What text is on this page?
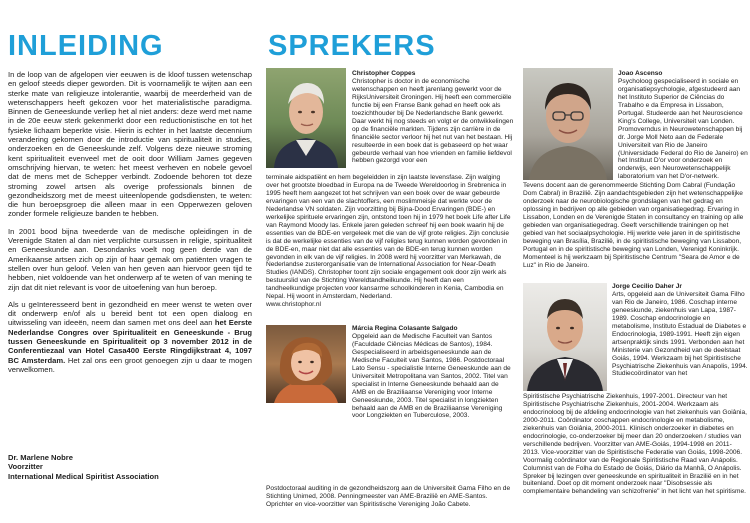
INLEIDING	SPREKERS

In de loop van de afgelopen vier eeuwen is de kloof tussen wetenschap en geloof steeds dieper geworden. Dit is voornamelijk te wijten aan een sterke mate van religieuze intolerantie, waarbij de meerderheid van de wetenschappers heeft gekozen voor het materialistische paradigma. Binnen de Geneeskunde verliep het al niet anders: deze werd met name in de 20e eeuw sterk gekenmerkt door een reductionistische en tot het fysieke lichaam beperkte visie. Hierin is echter in het laatste decennium verandering gekomen door de introductie van spiritualiteit in studies, onderzoeken en de Geneeskunde zelf. Volgens deze nieuwe stroming kent spiritualiteit evenveel met de ooit door William James gegeven omschrijving hiervan, te weten: het meest verheven en nobele gevoel dat de mens met de Schepper verbindt. Zodoende behoren tot deze stroming zowel artsen als overige professionals binnen de gezondheidszorg met de meest uiteenlopende godsdiensten, te weten: die hun beroepsgroep die alleen maar in een Opperwezen geloven zonder formele religieuze banden te hebben.

In 2001 bood bijna tweederde van de medische opleidingen in de Verenigde Staten al dan niet verplichte cursussen in religie, spiritualiteit en Geneeskunde aan. Desondanks voelt nog geen derde van de Amerikaanse artsen zich op zijn of haar gemak om patiënten vragen te stellen over hun geloof. Velen van hen geven aan hiervoor geen tijd te hebben, niet voldoende van het onderwerp af te weten of van mening te zijn dat dit niet relevant is voor de uitoefening van hun beroep.

Als u geïnteresseerd bent in gezondheid en meer wenst te weten over dit onderwerp en/of als u bereid bent tot een open dialoog en uitwisseling van ideeën, neem dan samen met ons deel aan het Eerste Nederlandse Congres over Spiritualiteit en Geneeskunde - Brug tussen Geneeskunde en Spiritualiteit op 3 november 2012 in de Conferentiezaal van Hotel Casa400 Eerste Ringdijkstraat 4, 1097 BC Amsterdam. Het zal ons een groot genoegen zijn u daar te mogen verwelkomen.

Dr. Marlene Nobre
Voorzitter
International Medical Spiritist Association
Christopher Coppes

Christopher is doctor in de economische wetenschappen en heeft jarenlang gewerkt voor de RijksUniversiteit Groningen. Hij heeft een commerciële functie bij een Franse Bank gehad en heeft ook als toezichthouder bij De Nederlandsche Bank gewerkt. Daar werkt hij nog steeds en volgt er de ontwikkelingen op de financiële markten. Tijdens zijn carrière in de financiële sector verloor hij het nut van het bestaan. Hij resulteerde in een boek dat is gebaseerd op het waar gebeurde verhaal van hoe vrienden en familie liefdevol hebben gezorgd voor een

terminale aidspatiënt en hem begeleidden in zijn laatste levensfase. Zijn walging over het grootste bloedbad in Europa na de Tweede Wereldoorlog in Srebrenica in 1995 heeft hem aangezet tot het schrijven van een boek over de waar gebeurde ervaringen van een van de slachtoffers, een moslimmeisje dat werkte voor de Nederlandse VN soldaten. Zijn voorzitting bij Bijna-Dood Ervaringen (BDE-) en werkelijke spirituele ervaringen zijn, ontstond toen hij in 1979 het boek Life after Life van Raymond Moody las. Enkele jaren geleden schreef hij een boek waarin hij de essenties van de BDE-en vergeleek met die van de vijf grote religies. Zijn conclusie is dat de werkelijke essenties van de vijf religies terug kunnen worden gevonden in de BDE-en, maar niet dat alle essenties van de BDE-en terug kunnen worden gevonden in elk van de vijf religies. In 2008 werd hij voorzitter van Merkawah, de Nederlandse zusterorganisatie van de International Association for Near-Death Studies (IANDS). Christopher toont zijn sociale engagement ook door zijn werk als bestuurslid van de Stichting Wereldtandheilkunde. Hij heeft dan een tandheelkundige projecten voor kansarme schoolkinderen in Kenia, Cambodia en Nepal. Hij woont in Amsterdam, Nederland.

www.christophor.nl

Joao Ascenso

Psycholoog gespecialiseerd in sociale en organisatiepsychologie, afgestudeerd aan het Instituto Superior de Ciências do Trabalho e da Empresa in Lissabon, Portugal. Studeerde aan het Neuroscience King's College, Universiteit van Londen. Promoverndus in Neurowetenschappen bij dr. Jorge Moll Neto aan de Federale Universiteit van Rio de Janeiro (Universidade Federal do Rio de Janeiro) en het Instituut D'or voor onderzoek en onderwijs, een Neurowetenschappelijk laboratorium van het D'or-netwerk.

Tevens docent aan de gerenommeerde Stichting Dom Cabral (Fundação Dom Cabral) in Brazilië. Zijn aandachtsgebieden zijn het wetenschappelijke onderzoek naar de neurobiologische grondslagen van het gedrag en oplossing in bedrijven op alle gebieden van organisatiegedrag. Ervaring in Lissabon, Londen en de Verenigde Staten in consultancy en training op alle gebieden van organisatiegedrag. Geeft verschillende trainingen op het gebied van het sociaalpsychologie. Hij werkte vele jaren in de spiritistische beweging van Brasília, Brazilië, in de spiritistische beweging van Lissabon, Portugal en in de spiritistische beweging van Londen, Verenigd Koninkrijk. Momenteel is hij werkzaam bij Spiritistische Centrum "Seara de Amor e de Luz" in Rio de Janeiro.

Márcia Regina Colasante Salgado

Opgeleid aan de Medische Faculteit van Santos (Faculdade Ciências Médicas de Santos), 1984. Gespecialiseerd in arbeidsgeneeskunde aan de Medische Faculteit van Santos, 1986. Postdoctoraal Lato Sensu - specialistie Interne Geneeskunde aan de Universiteit Metropolitana van Santos, 2002. Titel van specialist in Interne Geneeskunde behaald aan de AMB en de Braziliaanse Vereniging voor Interne Geneeskunde, 2003. Titel specialist in longziekten behaald aan de AMB en de Braziliaanse Vereniging voor Longziekten en Tuberculose, 2003.

Postdoctoraal auditing in de gezondheidszorg aan de Universiteit Gama Filho en de Stichting Unimed, 2008. Penningmeester van AME-Brazilië en AME-Santos. Oprichter en vice-voorzitter van Spiritistische Vereniging João Cabete.

Jorge Cecilio Daher Jr

Arts, opgeleid aan de Universiteit Gama Filho van Rio de Janeiro, 1986. Coschap interne geneeskunde, ziekenhuis van Lapa, 1987-1989. Coschap endocrinologie en metabolisme, Instituto Estadual de Diabetes e Endocrinologia, 1989-1991. Heeft zijn eigen artsenpraktijk sinds 1991. Verbonden aan het Ministerie van Gezondheid van de deelstaat Goiás, 1994. Werkzaam bij het Spiritistische Psychiatrische Ziekenhuis van Anapolis, 1994. Studiecoördinator van het

Spiritistische Psychiatrische Ziekenhuis, 1997-2001. Directeur van het Spiritistische Psychiatrische Ziekenhuis, 2001-2004. Werkzaam als endocrinoloog bij de afdeling endocrinologie van het ziekenhuis van Goiânia, 2000-2011. Coördinator coschappen endocrinologie en metabolisme, ziekenhuis van Goiânia, 2000-2011. Klinisch onderzoeker in diabetes en endocrinologie, co-onderzoeker bij meer dan 20 onderzoeken / studies van verschillende bedrijven. Voorzitter van AME-Goiás, 1994-1998 en 2011-2013. Vice-voorzitter van de Spiritistische Federatie van Goiás, 1998-2006. Voormalig coördinator van de Regionale Spiritistische Raad van Anápolis. Columnist van de Folha do Estado de Goiás, Diário da Manhã, O Anápolis. Spreker bij lezingen over geneeskunde en spiritualiteit in Brazilië en in het buitenland. Doet op dit moment onderzoek naar "Disobsessie als complementaire behandeling van schizofrenie" in het licht van het spiritisme.
